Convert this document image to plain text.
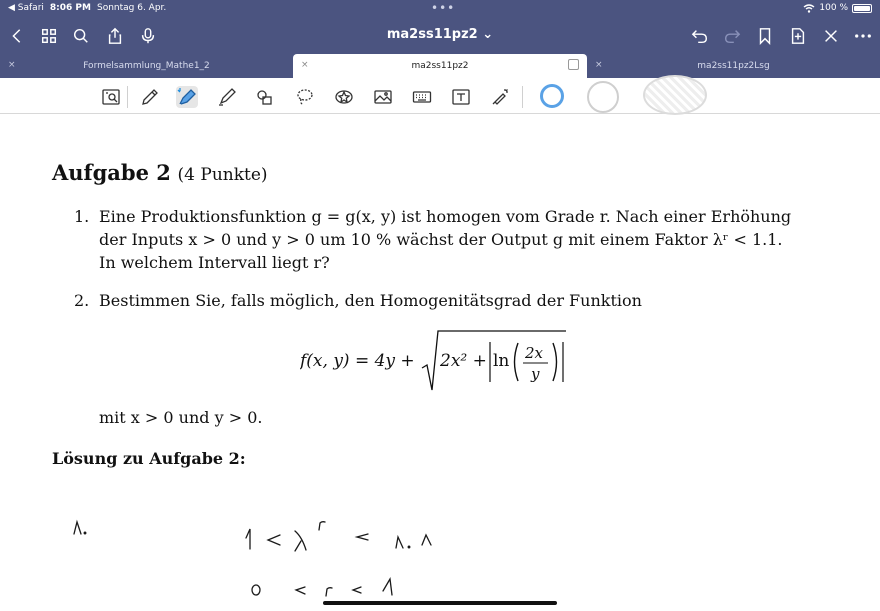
◀ Safari 8:06 PM Sonntag 6. Apr.	•••	100 %
ma2ss11pz2 ⌄
×	Formelsammlung_Mathe1_2	×	ma2ss11pz2	×	ma2ss11pz2Lsg
Aufgabe 2 (4 Punkte)
1. Eine Produktionsfunktion g = g(x, y) ist homogen vom Grade r. Nach einer Erhöhung
der Inputs x > 0 und y > 0 um 10 % wächst der Output g mit einem Faktor λʳ < 1.1.
In welchem Intervall liegt r?
2. Bestimmen Sie, falls möglich, den Homogenitätsgrad der Funktion
f(x, y) = 4y + 2x² + ln 2x
y
mit x > 0 und y > 0.
Lösung zu Aufgabe 2:
